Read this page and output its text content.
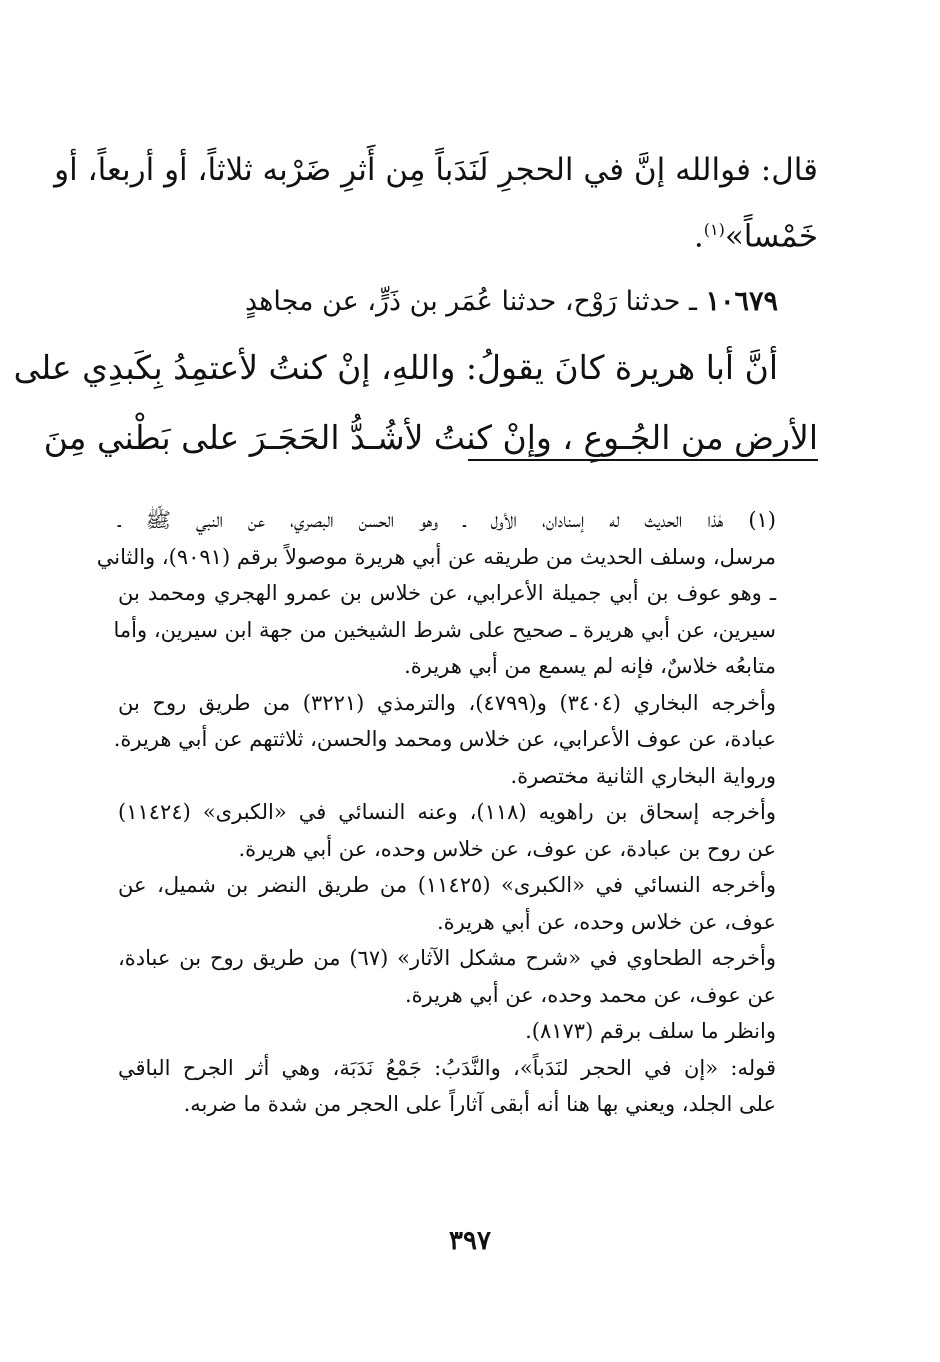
قال: فوالله إنَّ في الحجرِ لَنَدَباً مِن أَثرِ ضَرْبه ثلاثاً، أو أربعاً، أو
خَمْساً»$^{(١)}$.
١٠٦٧٩ ـ حدثنا رَوْح، حدثنا عُمَر بن ذَرٍّ، عن مجاهدٍ
أنَّ أبا هريرة كانَ يقولُ: واللهِ، إنْ كنتُ لأعتمِدُ بِكَبدِي على
الأرض من الجُـوعِ ، وإنْ كنتُ لأشُـدُّ الحَجَـرَ على بَطْني مِنَ
(١) هٰذا الحديث له إسنادان، الأول ـ وهو الحسن البصري، عن النبي ﷺ ـ
مرسل، وسلف الحديث من طريقه عن أبي هريرة موصولاً برقم (٩٠٩١)، والثاني
ـ وهو عوف بن أبي جميلة الأعرابي، عن خلاس بن عمرو الهجري ومحمد بن
سيرين، عن أبي هريرة ـ صحيح على شرط الشيخين من جهة ابن سيرين، وأما
متابعُه خلاسٌ، فإنه لم يسمع من أبي هريرة.
وأخرجه البخاري (٣٤٠٤) و(٤٧٩٩)، والترمذي (٣٢٢١) من طريق روح بن
عبادة، عن عوف الأعرابي، عن خلاس ومحمد والحسن، ثلاثتهم عن أبي هريرة.
ورواية البخاري الثانية مختصرة.
وأخرجه إسحاق بن راهويه (١١٨)، وعنه النسائي في «الكبرى» (١١٤٢٤)
عن روح بن عبادة، عن عوف، عن خلاس وحده، عن أبي هريرة.
وأخرجه النسائي في «الكبرى» (١١٤٢٥) من طريق النضر بن شميل، عن
عوف، عن خلاس وحده، عن أبي هريرة.
وأخرجه الطحاوي في «شرح مشكل الآثار» (٦٧) من طريق روح بن عبادة،
عن عوف، عن محمد وحده، عن أبي هريرة.
وانظر ما سلف برقم (٨١٧٣).
قوله: «إن في الحجر لنَدَباً»، والنَّدَبُ: جَمْعُ نَدَبَة، وهي أثر الجرح الباقي
على الجلد، ويعني بها هنا أنه أبقى آثاراً على الحجر من شدة ما ضربه.
٣٩٧
